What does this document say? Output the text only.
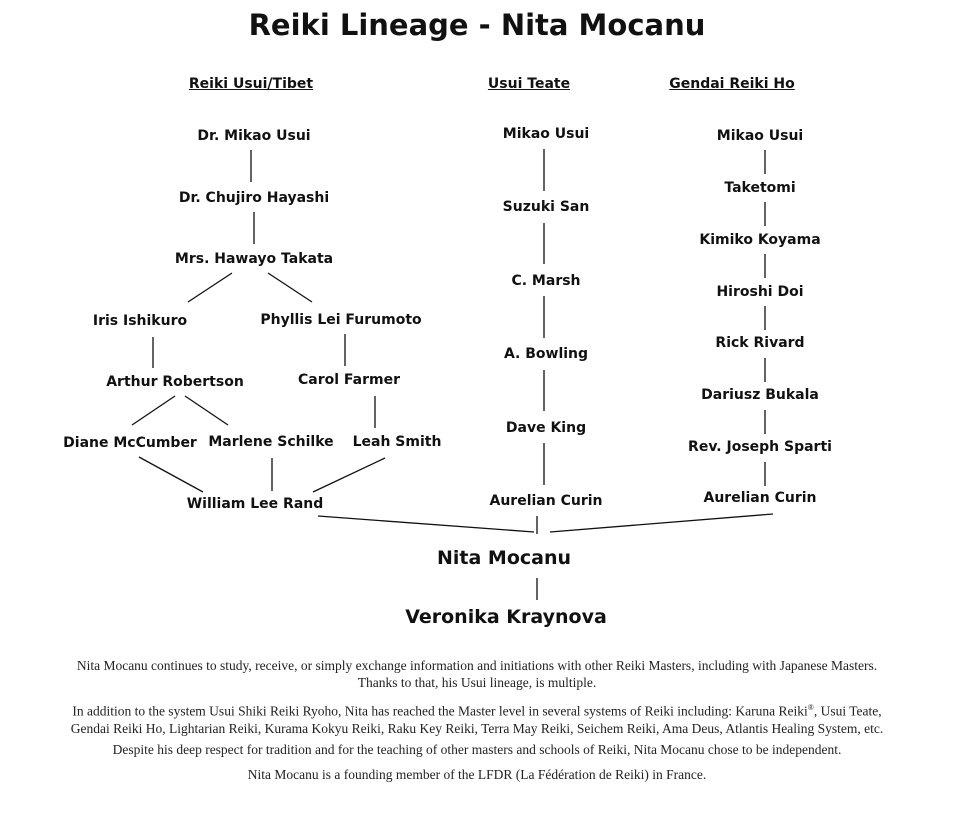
Reiki Lineage - Nita Mocanu
Reiki Usui/Tibet	Usui Teate	Gendai Reiki Ho
Dr. Mikao Usui
Dr. Chujiro Hayashi
Mrs. Hawayo Takata
Iris Ishikuro	Phyllis Lei Furumoto
Arthur Robertson	Carol Farmer
Diane McCumber Marlene Schilke Leah Smith
William Lee Rand
Mikao Usui
Suzuki San
C. Marsh
A. Bowling
Dave King
Aurelian Curin
Mikao Usui
Taketomi
Kimiko Koyama
Hiroshi Doi
Rick Rivard
Dariusz Bukala
Rev. Joseph Sparti
Aurelian Curin
Nita Mocanu
Veronika Kraynova
Nita Mocanu continues to study, receive, or simply exchange information and initiations with other Reiki Masters, including with Japanese Masters.
Thanks to that, his Usui lineage, is multiple.
In addition to the system Usui Shiki Reiki Ryoho, Nita has reached the Master level in several systems of Reiki including: Karuna Reiki®, Usui Teate,
Gendai Reiki Ho, Lightarian Reiki, Kurama Kokyu Reiki, Raku Key Reiki, Terra May Reiki, Seichem Reiki, Ama Deus, Atlantis Healing System, etc.
Despite his deep respect for tradition and for the teaching of other masters and schools of Reiki, Nita Mocanu chose to be independent.
Nita Mocanu is a founding member of the LFDR (La Fédération de Reiki) in France.
